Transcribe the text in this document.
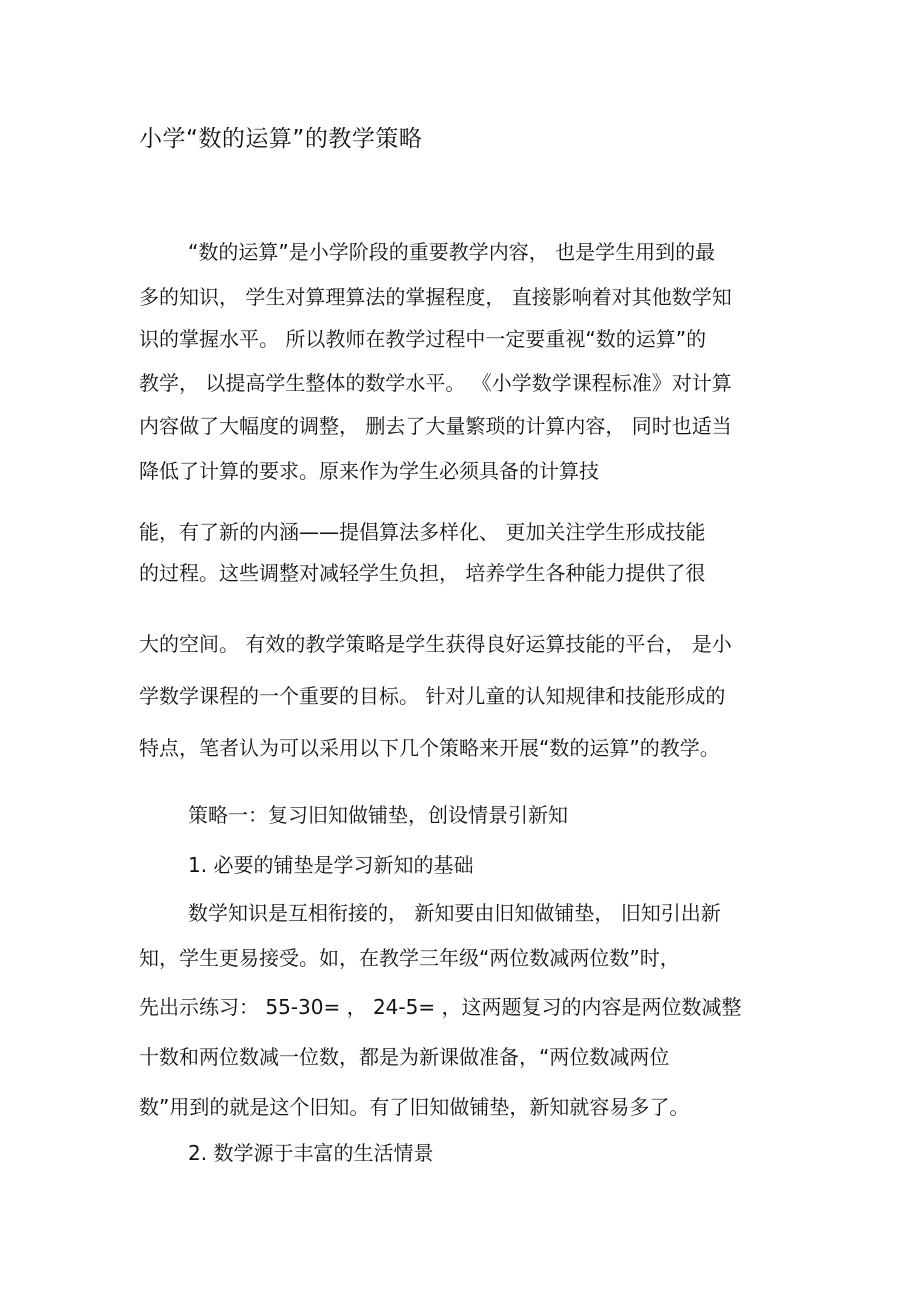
小学“数的运算”的教学策略
“数的运算”是小学阶段的重要教学内容， 也是学生用到的最
多的知识， 学生对算理算法的掌握程度， 直接影响着对其他数学知
识的掌握水平。 所以教师在教学过程中一定要重视“数的运算”的
教学， 以提高学生整体的数学水平。 《小学数学课程标准》对计算
内容做了大幅度的调整， 删去了大量繁琐的计算内容， 同时也适当
降低了计算的要求。原来作为学生必须具备的计算技
能，有了新的内涵——提倡算法多样化、 更加关注学生形成技能
的过程。这些调整对减轻学生负担， 培养学生各种能力提供了很
大的空间。 有效的教学策略是学生获得良好运算技能的平台， 是小
学数学课程的一个重要的目标。 针对儿童的认知规律和技能形成的
特点，笔者认为可以采用以下几个策略来开展“数的运算”的教学。
策略一：复习旧知做铺垫，创设情景引新知
1. 必要的铺垫是学习新知的基础
数学知识是互相衔接的， 新知要由旧知做铺垫， 旧知引出新
知，学生更易接受。如，在教学三年级“两位数减两位数”时，
先出示练习： 55-30= ， 24-5= ，这两题复习的内容是两位数减整
十数和两位数减一位数，都是为新课做准备，“两位数减两位
数”用到的就是这个旧知。有了旧知做铺垫，新知就容易多了。
2. 数学源于丰富的生活情景
